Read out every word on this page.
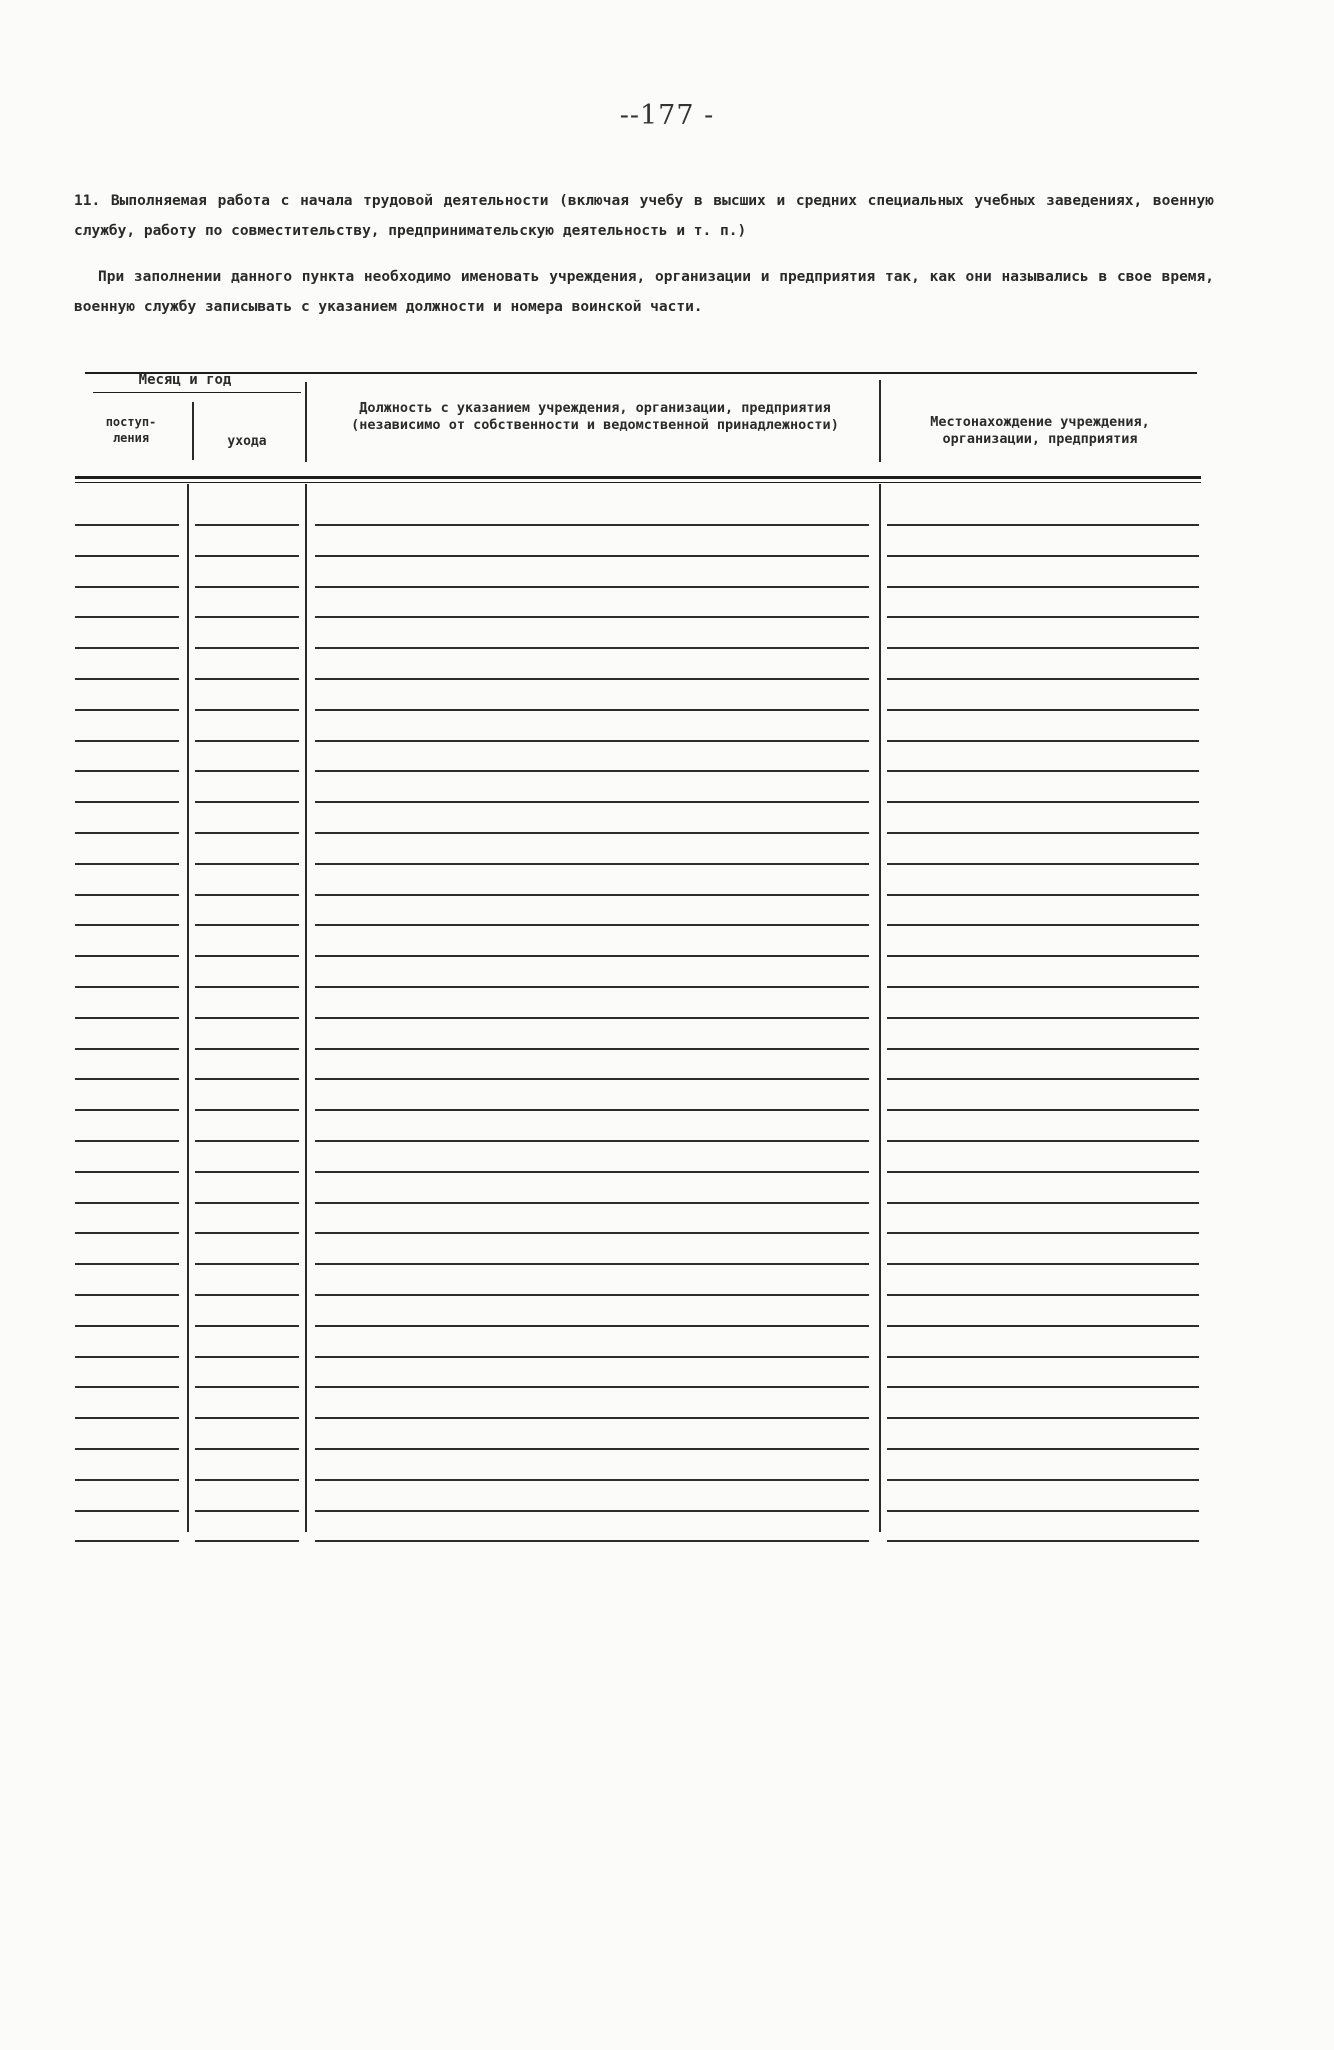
--177 -

11. Выполняемая работа с начала трудовой деятельности (включая учебу в высших и средних специальных учебных заведениях, военную службу, работу по совместительству, предпринимательскую деятельность и т. п.)

При заполнении данного пункта необходимо именовать учреждения, организации и предприятия так, как они назывались в свое время, военную службу записывать с указанием должности и номера воинской части.

Месяц и год
поступ-
ления	ухода
Должность с указанием учреждения, организации, предприятия (независимо от собственности и ведомственной принадлежности)	Местонахождение учреждения, организации, предприятия
